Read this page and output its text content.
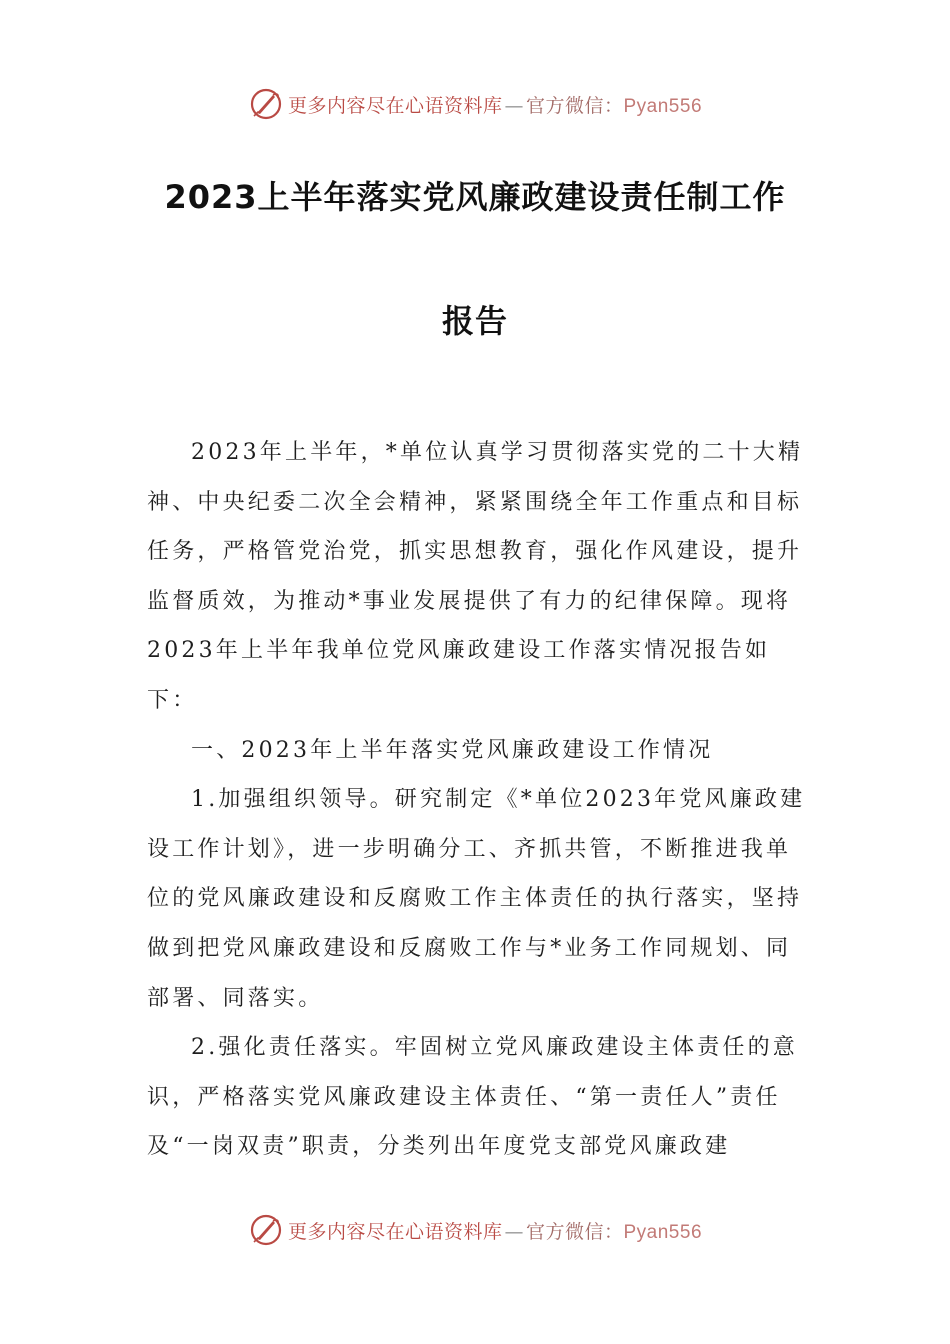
更多内容尽在心语资料库 — 官方微信：Pyan556
2023上半年落实党风廉政建设责任制工作
报告

2023年上半年，*单位认真学习贯彻落实党的二十大精神、中央纪委二次全会精神，紧紧围绕全年工作重点和目标任务，严格管党治党，抓实思想教育，强化作风建设，提升监督质效，为推动*事业发展提供了有力的纪律保障。现将2023年上半年我单位党风廉政建设工作落实情况报告如下：

一、2023年上半年落实党风廉政建设工作情况

1.加强组织领导。研究制定《*单位2023年党风廉政建设工作计划》，进一步明确分工、齐抓共管，不断推进我单位的党风廉政建设和反腐败工作主体责任的执行落实，坚持做到把党风廉政建设和反腐败工作与*业务工作同规划、同部署、同落实。

2.强化责任落实。牢固树立党风廉政建设主体责任的意识，严格落实党风廉政建设主体责任、“第一责任人”责任及“一岗双责”职责，分类列出年度党支部党风廉政建

更多内容尽在心语资料库 — 官方微信：Pyan556
